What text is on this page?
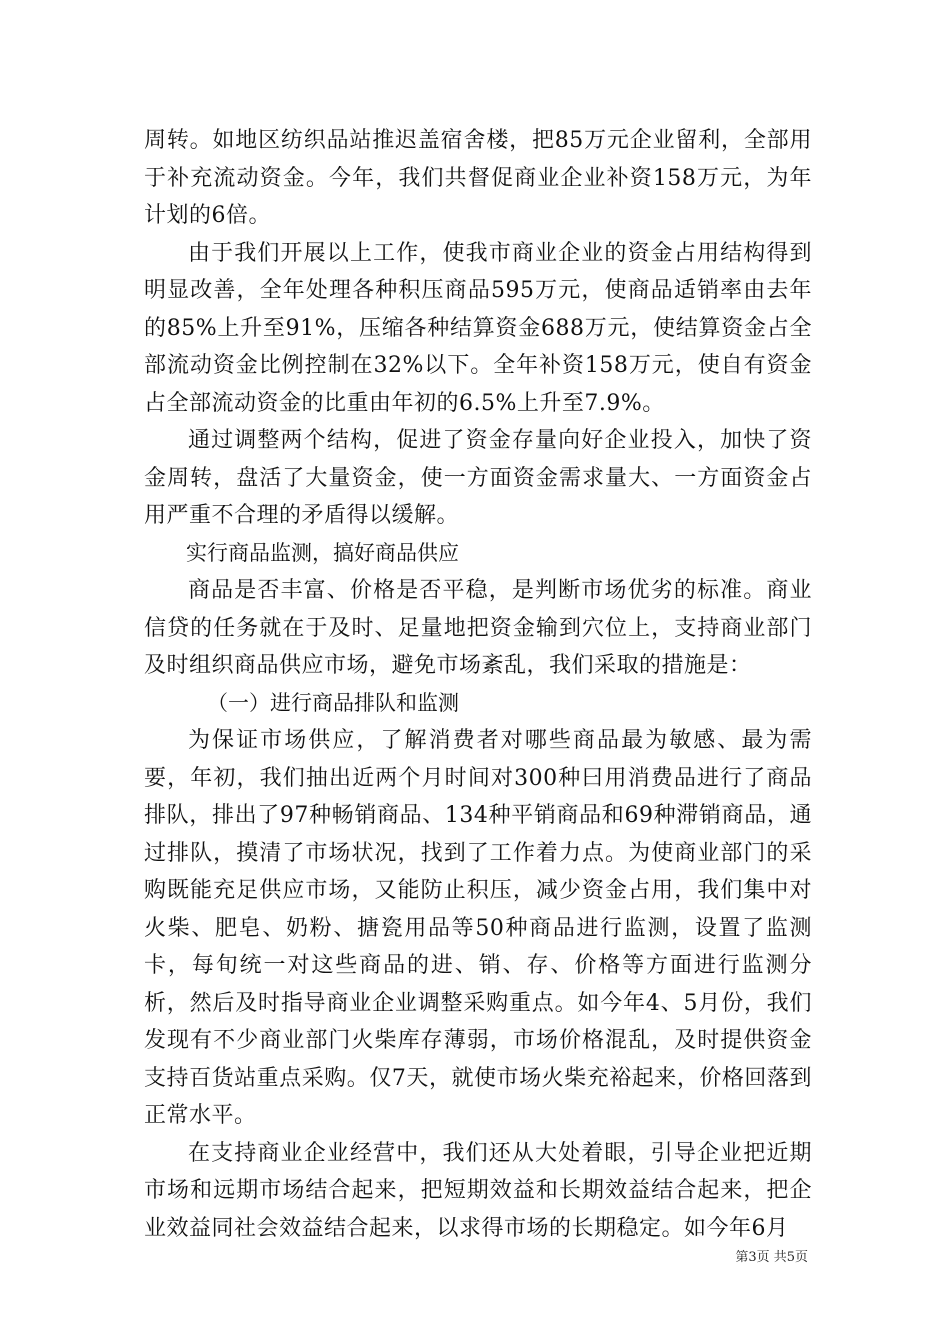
周转。如地区纺织品站推迟盖宿舍楼，把85万元企业留利，全部用于补充流动资金。今年，我们共督促商业企业补资158万元，为年计划的6倍。

由于我们开展以上工作，使我市商业企业的资金占用结构得到明显改善，全年处理各种积压商品595万元，使商品适销率由去年的85%上升至91%，压缩各种结算资金688万元，使结算资金占全部流动资金比例控制在32%以下。全年补资158万元，使自有资金占全部流动资金的比重由年初的6.5%上升至7.9%。

通过调整两个结构，促进了资金存量向好企业投入，加快了资金周转，盘活了大量资金，使一方面资金需求量大、一方面资金占用严重不合理的矛盾得以缓解。

实行商品监测，搞好商品供应

商品是否丰富、价格是否平稳，是判断市场优劣的标准。商业信贷的任务就在于及时、足量地把资金输到穴位上，支持商业部门及时组织商品供应市场，避免市场紊乱，我们采取的措施是：

（一）进行商品排队和监测

为保证市场供应，了解消费者对哪些商品最为敏感、最为需要，年初，我们抽出近两个月时间对300种曰用消费品进行了商品排队，排出了97种畅销商品、134种平销商品和69种滞销商品，通过排队，摸清了市场状况，找到了工作着力点。为使商业部门的采购既能充足供应市场，又能防止积压，减少资金占用，我们集中对火柴、肥皂、奶粉、搪瓷用品等50种商品进行监测，设置了监测卡，每旬统一对这些商品的进、销、存、价格等方面进行监测分析，然后及时指导商业企业调整采购重点。如今年4、5月份，我们发现有不少商业部门火柴库存薄弱，市场价格混乱，及时提供资金支持百货站重点采购。仅7天，就使市场火柴充裕起来，价格回落到正常水平。

在支持商业企业经营中，我们还从大处着眼，引导企业把近期市场和远期市场结合起来，把短期效益和长期效益结合起来，把企业效益同社会效益结合起来，以求得市场的长期稳定。如今年6月

第3页 共5页
